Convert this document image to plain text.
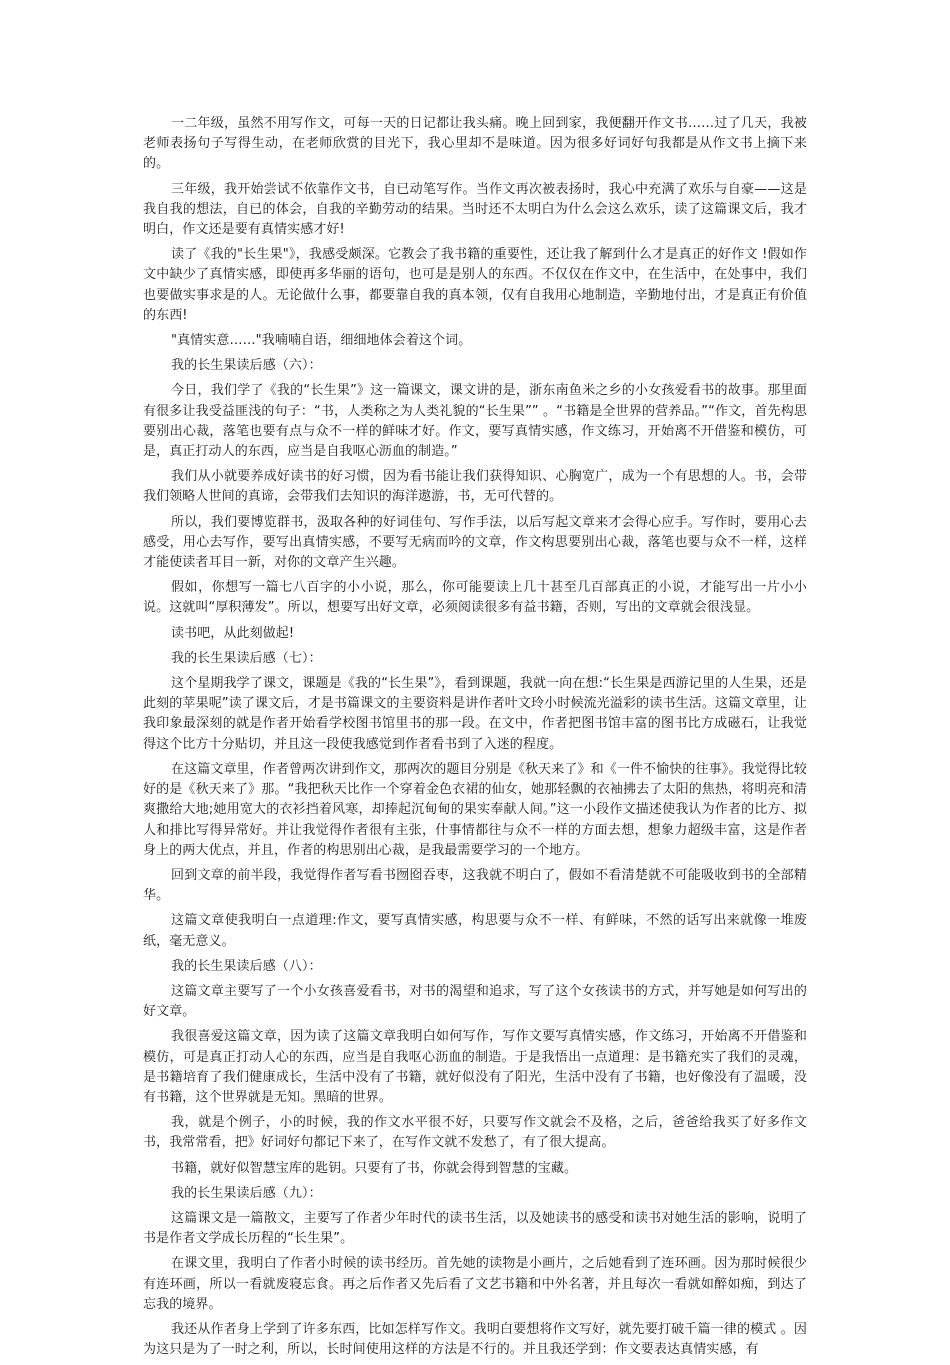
一二年级，虽然不用写作文，可每一天的日记都让我头痛。晚上回到家，我便翻开作文书……过了几天，我被老师表扬句子写得生动，在老师欣赏的目光下，我心里却不是味道。因为很多好词好句我都是从作文书上摘下来的。

三年级，我开始尝试不依靠作文书，自已动笔写作。当作文再次被表扬时，我心中充满了欢乐与自豪——这是我自我的想法，自已的体会，自我的辛勤劳动的结果。当时还不太明白为什么会这么欢乐，读了这篇课文后，我才明白，作文还是要有真情实感才好!

读了《我的"长生果"》，我感受颇深。它教会了我书籍的重要性，还让我了解到什么才是真正的好作文 !假如作文中缺少了真情实感，即使再多华丽的语句，也可是是别人的东西。不仅仅在作文中，在生活中，在处事中，我们也要做实事求是的人。无论做什么事，都要靠自我的真本领，仅有自我用心地制造，辛勤地付出，才是真正有价值的东西!

"真情实意……"我喃喃自语，细细地体会着这个词。

我的长生果读后感（六）：

今日，我们学了《我的“长生果”》这一篇课文，课文讲的是，浙东南鱼米之乡的小女孩爱看书的故事。那里面有很多让我受益匪浅的句子：“书，人类称之为人类礼貌的“长生果”” 。“书籍是全世界的营养品。”“作文，首先构思要别出心裁，落笔也要有点与众不一样的鲜味才好。作文，要写真情实感，作文练习，开始离不开借鉴和模仿，可是，真正打动人的东西，应当是自我呕心沥血的制造。”

我们从小就要养成好读书的好习惯，因为看书能让我们获得知识、心胸宽广，成为一个有思想的人。书，会带我们领略人世间的真谛，会带我们去知识的海洋遨游，书，无可代替的。

所以，我们要博览群书，汲取各种的好词佳句、写作手法，以后写起文章来才会得心应手。写作时，要用心去感受，用心去写作，要写出真情实感，不要写无病而吟的文章，作文构思要别出心裁，落笔也要与众不一样，这样才能使读者耳目一新，对你的文章产生兴趣。

假如，你想写一篇七八百字的小小说，那么，你可能要读上几十甚至几百部真正的小说，才能写出一片小小说。这就叫“厚积薄发”。所以，想要写出好文章，必须阅读很多有益书籍，否则，写出的文章就会很浅显。

读书吧，从此刻做起!

我的长生果读后感（七）：

这个星期我学了课文，课题是《我的“长生果”》，看到课题，我就一向在想:“长生果是西游记里的人生果，还是此刻的苹果呢”读了课文后，才是书篇课文的主要资料是讲作者叶文玲小时候流光溢彩的读书生活。这篇文章里，让我印象最深刻的就是作者开始看学校图书馆里书的那一段。在文中，作者把图书馆丰富的图书比方成磁石，让我觉得这个比方十分贴切，并且这一段使我感觉到作者看书到了入迷的程度。

在这篇文章里，作者曾两次讲到作文，那两次的题目分别是《秋天来了》和《一件不愉快的往事》。我觉得比较好的是《秋天来了》那。“我把秋天比作一个穿着金色衣裙的仙女，她那轻飘的衣袖拂去了太阳的焦热，将明亮和清爽撒给大地;她用宽大的衣衫挡着风寒，却捧起沉甸甸的果实奉献人间。”这一小段作文描述使我认为作者的比方、拟人和排比写得异常好。并让我觉得作者很有主张，什事情都往与众不一样的方面去想，想象力超级丰富，这是作者身上的两大优点，并且，作者的构思别出心裁，是我最需要学习的一个地方。

回到文章的前半段，我觉得作者写看书囫囵吞枣，这我就不明白了，假如不看清楚就不可能吸收到书的全部精华。

这篇文章使我明白一点道理:作文，要写真情实感，构思要与众不一样、有鲜味，不然的话写出来就像一堆废纸，毫无意义。

我的长生果读后感（八）：

这篇文章主要写了一个小女孩喜爱看书，对书的渴望和追求，写了这个女孩读书的方式，并写她是如何写出的好文章。

我很喜爱这篇文章，因为读了这篇文章我明白如何写作，写作文要写真情实感，作文练习，开始离不开借鉴和模仿，可是真正打动人心的东西，应当是自我呕心沥血的制造。于是我悟出一点道理：是书籍充实了我们的灵魂，是书籍培育了我们健康成长，生活中没有了书籍，就好似没有了阳光，生活中没有了书籍，也好像没有了温暖，没有书籍，这个世界就是无知。黑暗的世界。

我，就是个例子，小的时候，我的作文水平很不好，只要写作文就会不及格，之后，爸爸给我买了好多作文书，我常常看，把》好词好句都记下来了，在写作文就不发愁了，有了很大提高。

书籍，就好似智慧宝库的匙钥。只要有了书，你就会得到智慧的宝藏。

我的长生果读后感（九）：

这篇课文是一篇散文，主要写了作者少年时代的读书生活，以及她读书的感受和读书对她生活的影响，说明了书是作者文学成长历程的“长生果”。

在课文里，我明白了作者小时候的读书经历。首先她的读物是小画片，之后她看到了连环画。因为那时候很少有连环画，所以一看就废寝忘食。再之后作者又先后看了文艺书籍和中外名著，并且每次一看就如醉如痴，到达了忘我的境界。

我还从作者身上学到了许多东西，比如怎样写作文。我明白要想将作文写好，就先要打破千篇一律的模式 。因为这只是为了一时之利，所以，长时间使用这样的方法是不行的。并且我还学到：作文要表达真情实感，有
